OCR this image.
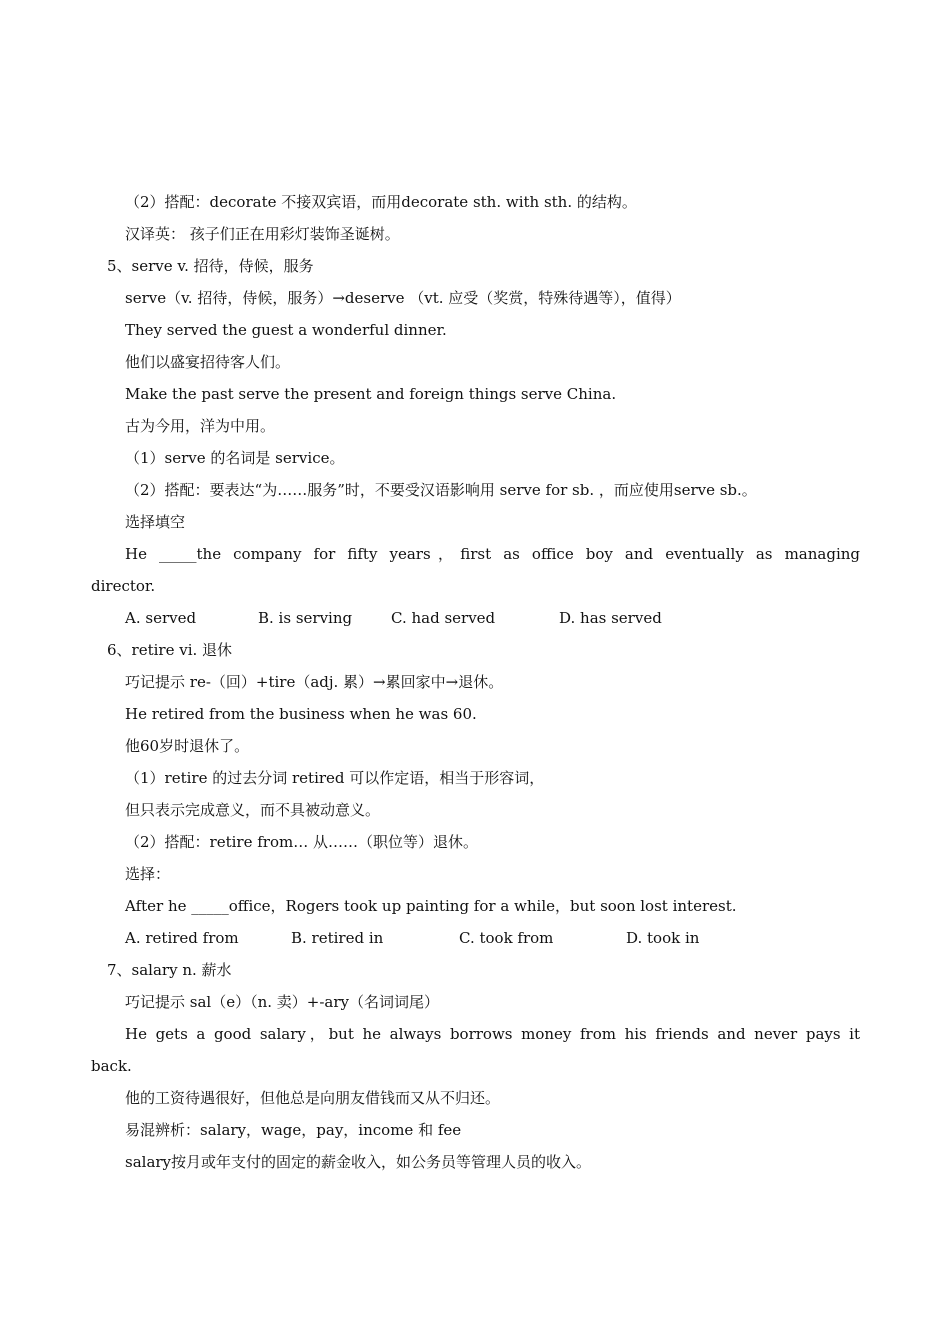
（2）搭配：decorate 不接双宾语，而用decorate sth. with sth. 的结构。
汉译英： 孩子们正在用彩灯装饰圣诞树。
5、serve v. 招待，侍候，服务
serve（v. 招待，侍候，服务）→deserve （vt. 应受（奖赏，特殊待遇等），值得）
They served the guest a wonderful dinner.
他们以盛宴招待客人们。
Make the past serve the present and foreign things serve China.
古为今用，洋为中用。
（1）serve 的名词是 service。
（2）搭配：要表达“为……服务”时，不要受汉语影响用 serve for sb. ，而应使用serve sb.。
选择填空
He _____the company for fifty years，first as office boy and eventually as managing
director.
A. served	B. is serving	C. had served	D. has served
6、retire vi. 退休
巧记提示 re-（回）+tire（adj. 累）→累回家中→退休。
He retired from the business when he was 60.
他60岁时退休了。
（1）retire 的过去分词 retired 可以作定语，相当于形容词，
但只表示完成意义，而不具被动意义。
（2）搭配：retire from… 从……（职位等）退休。
选择：
After he _____office，Rogers took up painting for a while，but soon lost interest.
A. retired from	B. retired in	C. took from	D. took in
7、salary n. 薪水
巧记提示 sal（e）（n. 卖）+-ary（名词词尾）
He gets a good salary，but he always borrows money from his friends and never pays it
back.
他的工资待遇很好，但他总是向朋友借钱而又从不归还。
易混辨析：salary，wage，pay，income 和 fee
salary按月或年支付的固定的薪金收入，如公务员等管理人员的收入。
